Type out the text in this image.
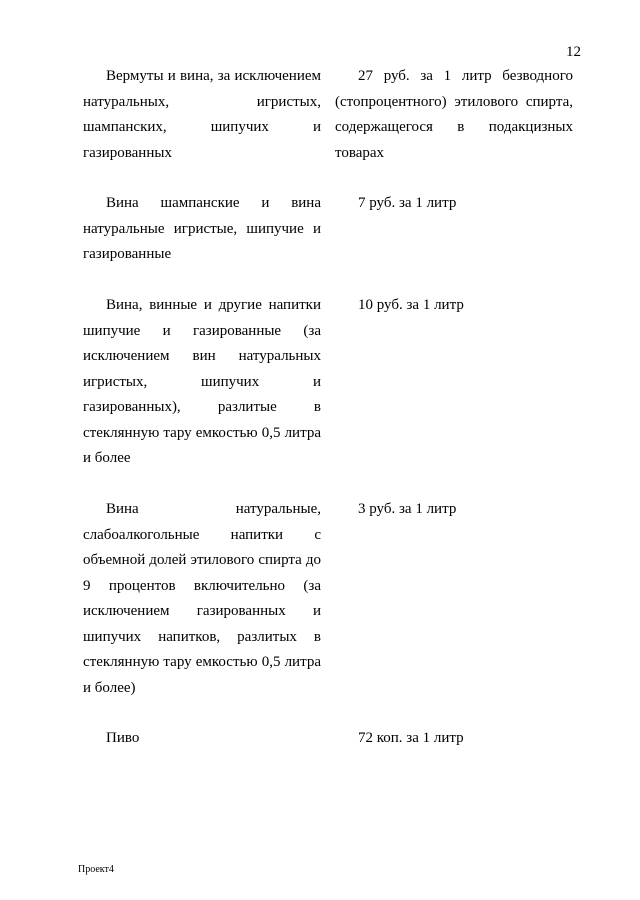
12
Вермуты и вина, за исключением натуральных, игристых, шампанских, шипучих и газированных
27 руб. за 1 литр безводного (стопроцентного) этилового спирта, содержащегося в подакцизных товарах
Вина шампанские и вина натуральные игристые, шипучие и газированные
7 руб. за 1 литр
Вина, винные и другие напитки шипучие и газированные (за исключением вин натуральных игристых, шипучих и газированных), разлитые в стеклянную тару емкостью 0,5 литра и более
10 руб. за 1 литр
Вина натуральные, слабоалкогольные напитки с объемной долей этилового спирта до 9 процентов включительно (за исключением газированных и шипучих напитков, разлитых в стеклянную тару емкостью 0,5 литра и более)
3 руб. за 1 литр
Пиво	72 коп. за 1 литр
Проект4
